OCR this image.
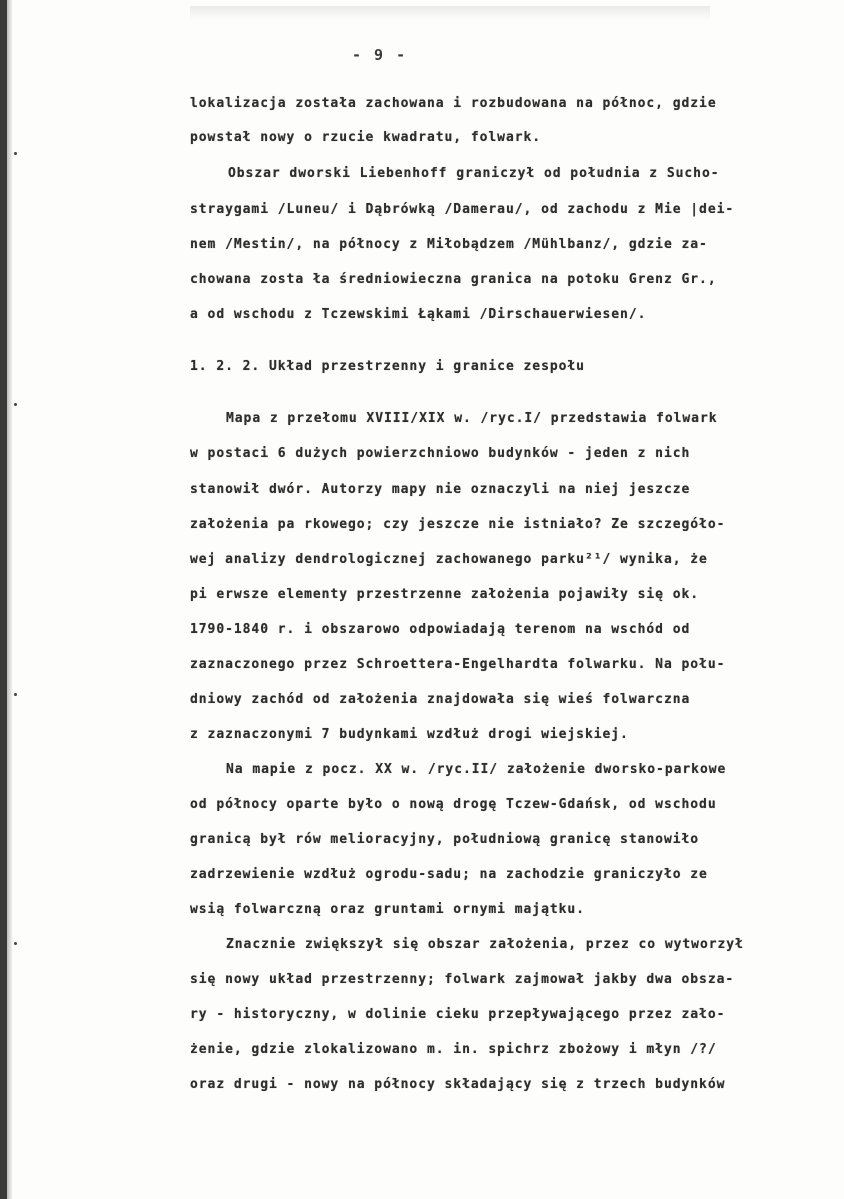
- 9 -
lokalizacja została zachowana i rozbudowana na północ, gdzie
powstał nowy o rzucie kwadratu, folwark.
Obszar dworski Liebenhoff graniczył od południa z Sucho-
straygami /Luneu/ i Dąbrówką /Damerau/, od zachodu z Mie |dei-
nem /Mestin/, na północy z Miłobądzem /Mühlbanz/, gdzie za-
chowana zosta ła średniowieczna granica na potoku Grenz Gr.,
a od wschodu z Tczewskimi Łąkami /Dirschauerwiesen/.
1. 2. 2. Układ przestrzenny i granice zespołu
Mapa z przełomu XVIII/XIX w. /ryc.I/ przedstawia folwark
w postaci 6 dużych powierzchniowo budynków - jeden z nich
stanowił dwór. Autorzy mapy nie oznaczyli na niej jeszcze
założenia pa rkowego; czy jeszcze nie istniało? Ze szczegóło-
wej analizy dendrologicznej zachowanego parku²¹/ wynika, że
pi erwsze elementy przestrzenne założenia pojawiły się ok.
1790-1840 r. i obszarowo odpowiadają terenom na wschód od
zaznaczonego przez Schroettera-Engelhardta folwarku. Na połu-
dniowy zachód od założenia znajdowała się wieś folwarczna
z zaznaczonymi 7 budynkami wzdłuż drogi wiejskiej.
Na mapie z pocz. XX w. /ryc.II/ założenie dworsko-parkowe
od północy oparte było o nową drogę Tczew-Gdańsk, od wschodu
granicą był rów melioracyjny, południową granicę stanowiło
zadrzewienie wzdłuż ogrodu-sadu; na zachodzie graniczyło ze
wsią folwarczną oraz gruntami ornymi majątku.
Znacznie zwiększył się obszar założenia, przez co wytworzył
się nowy układ przestrzenny; folwark zajmował jakby dwa obsza-
ry - historyczny, w dolinie cieku przepływającego przez zało-
żenie, gdzie zlokalizowano m. in. spichrz zbożowy i młyn /?/
oraz drugi - nowy na północy składający się z trzech budynków
